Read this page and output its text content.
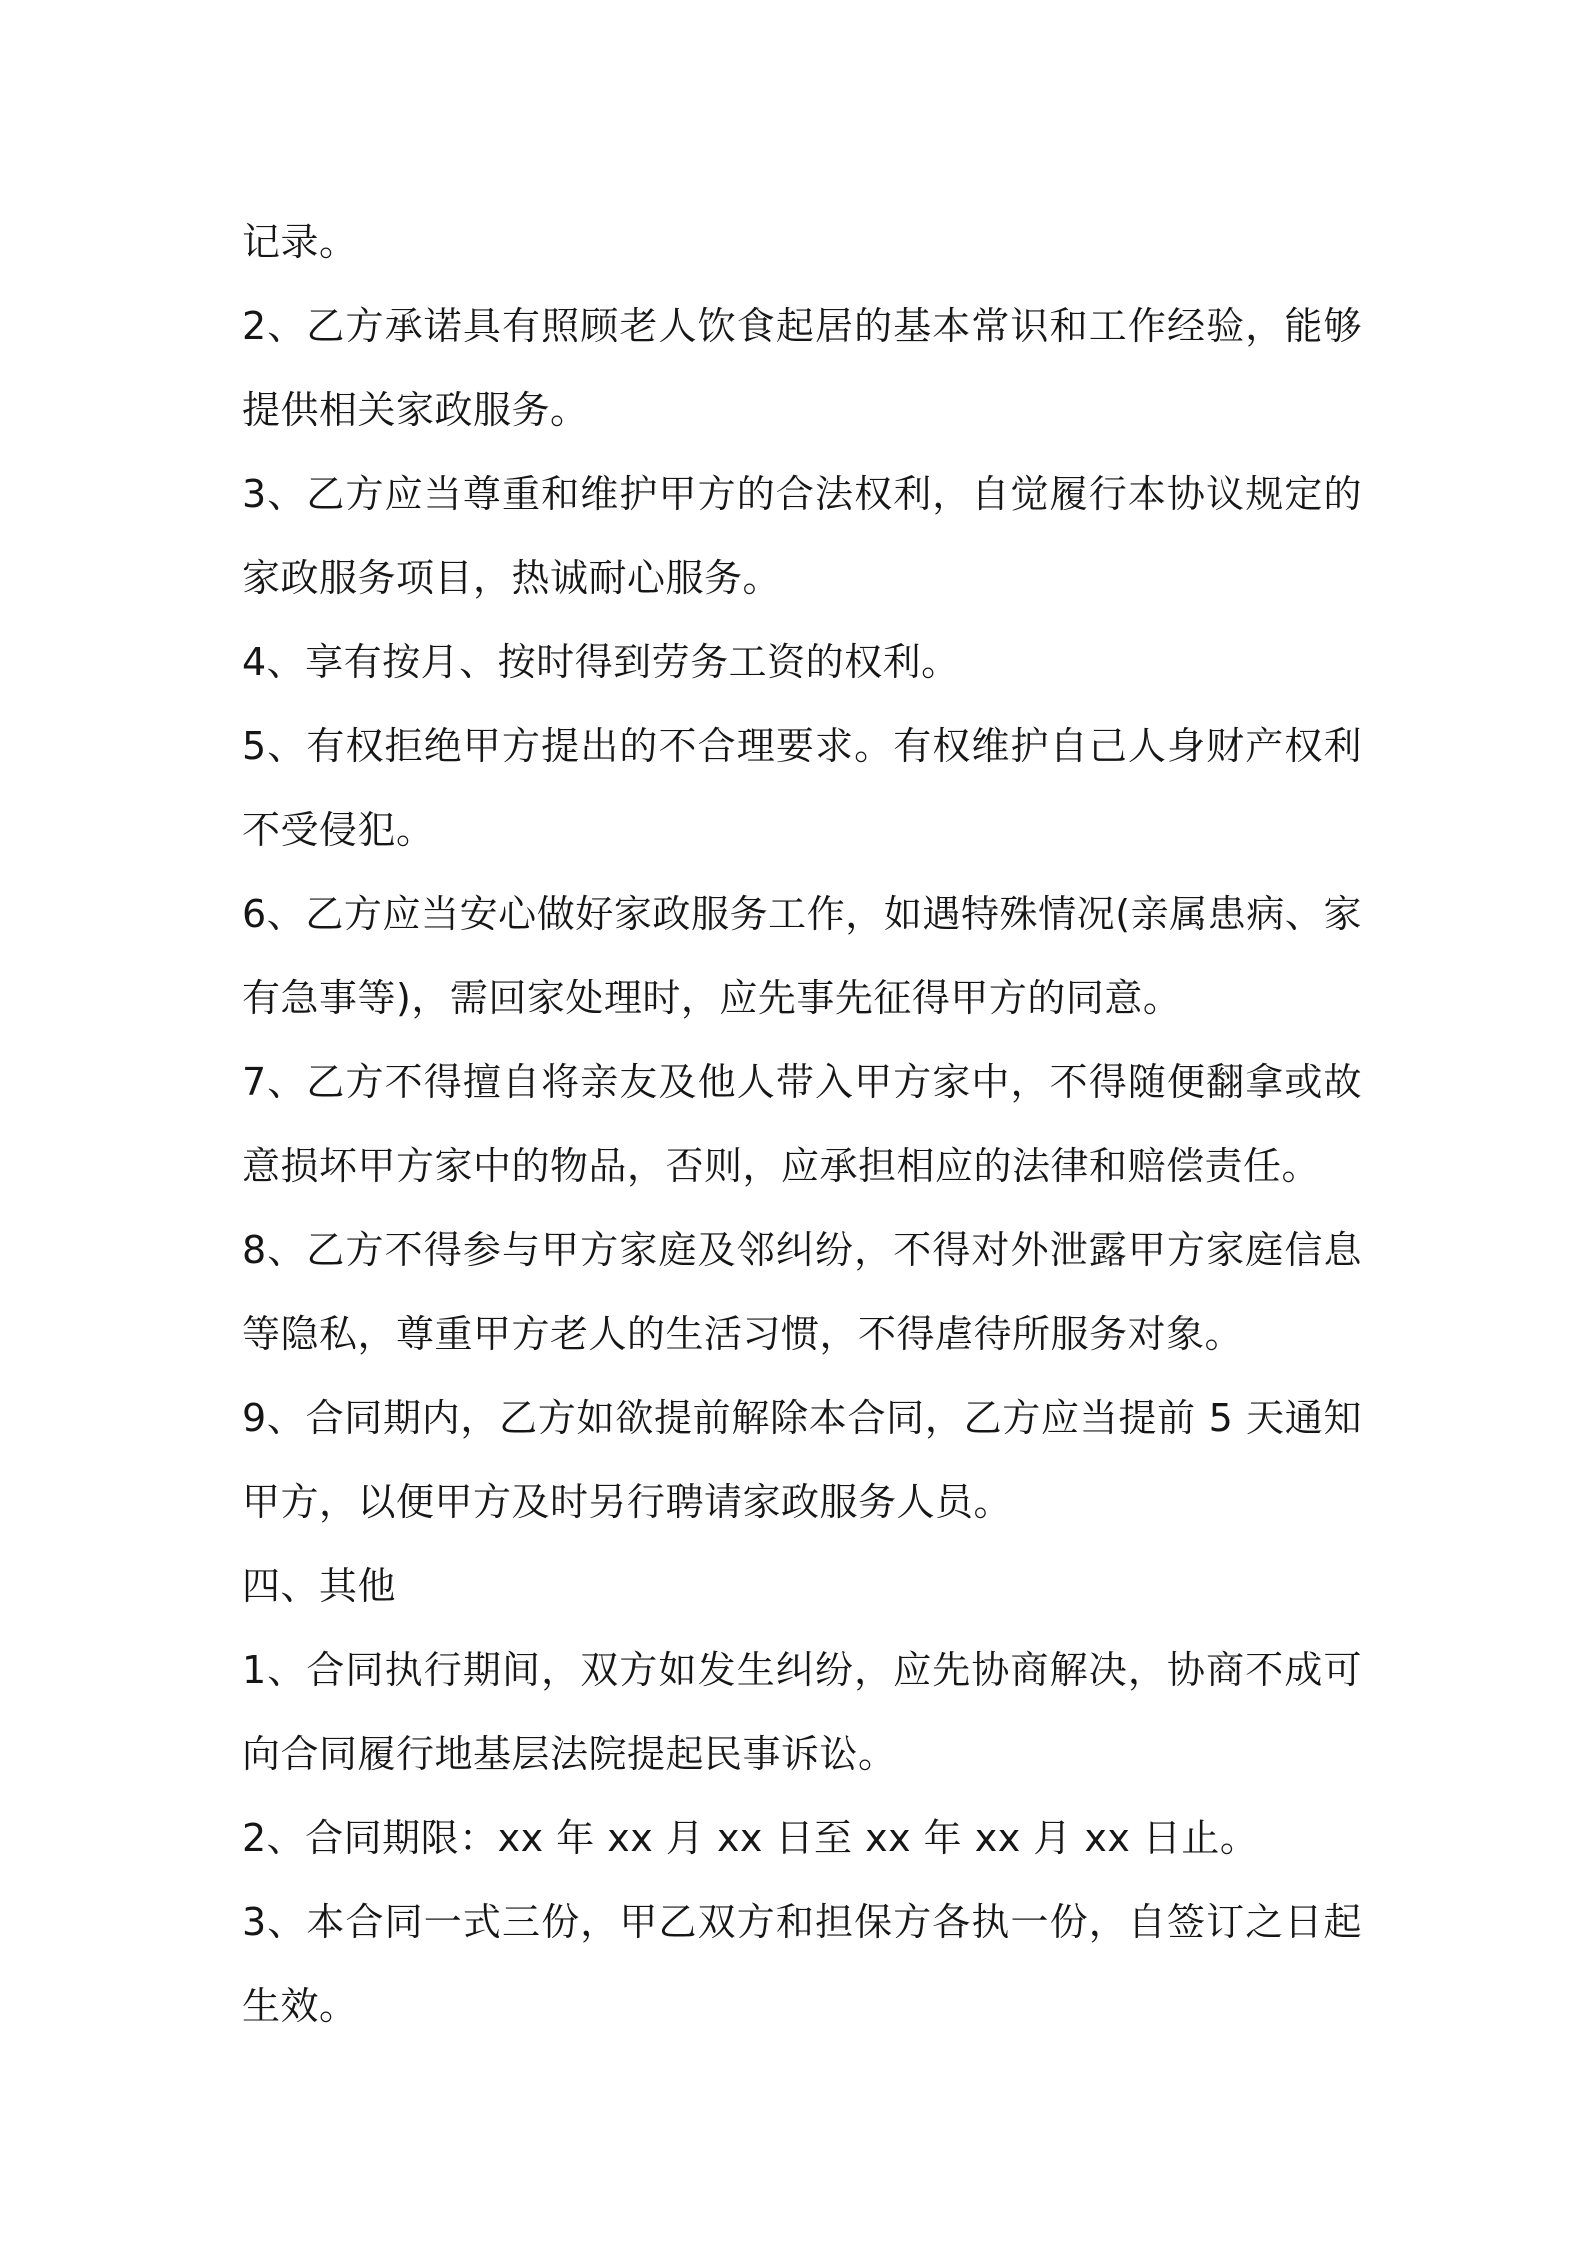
记录。

2、乙方承诺具有照顾老人饮食起居的基本常识和工作经验，能够提供相关家政服务。

3、乙方应当尊重和维护甲方的合法权利，自觉履行本协议规定的家政服务项目，热诚耐心服务。

4、享有按月、按时得到劳务工资的权利。

5、有权拒绝甲方提出的不合理要求。有权维护自己人身财产权利不受侵犯。

6、乙方应当安心做好家政服务工作，如遇特殊情况(亲属患病、家有急事等)，需回家处理时，应先事先征得甲方的同意。

7、乙方不得擅自将亲友及他人带入甲方家中，不得随便翻拿或故意损坏甲方家中的物品，否则，应承担相应的法律和赔偿责任。

8、乙方不得参与甲方家庭及邻纠纷，不得对外泄露甲方家庭信息等隐私，尊重甲方老人的生活习惯，不得虐待所服务对象。

9、合同期内，乙方如欲提前解除本合同，乙方应当提前 5 天通知甲方，以便甲方及时另行聘请家政服务人员。

四、其他

1、合同执行期间，双方如发生纠纷，应先协商解决，协商不成可向合同履行地基层法院提起民事诉讼。

2、合同期限：xx 年 xx 月 xx 日至 xx 年 xx 月 xx 日止。

3、本合同一式三份，甲乙双方和担保方各执一份，自签订之日起生效。
